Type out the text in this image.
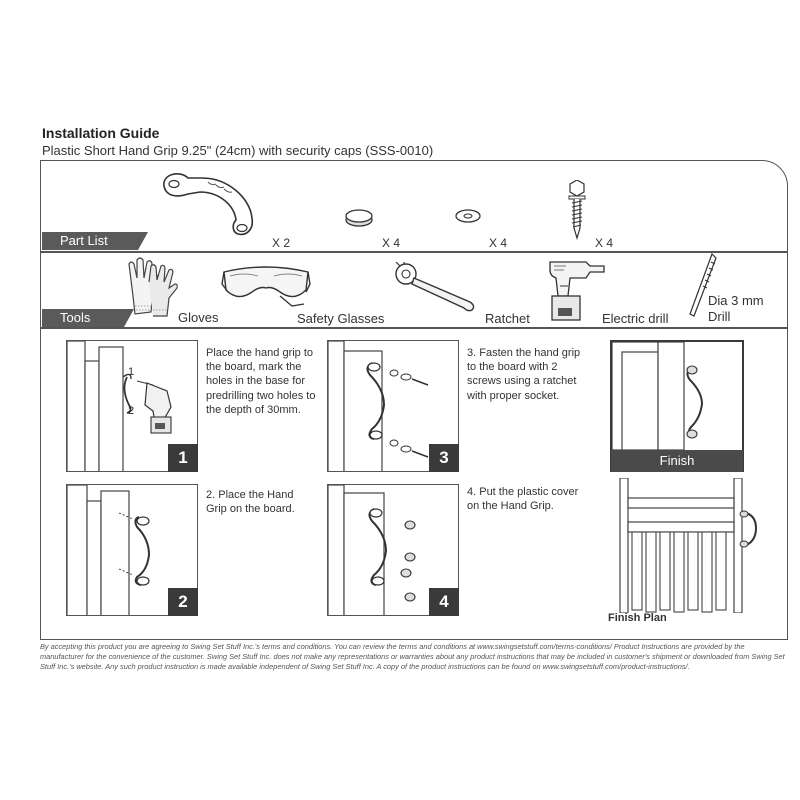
Installation Guide
Plastic Short Hand Grip 9.25" (24cm) with security caps (SSS-0010)
Part List
Tools
X 2	X 4	X 4	X 4
Gloves	Safety Glasses	Ratchet	Electric drill
Dia 3 mm
Drill
1
2
1
Place the hand grip to the board, mark the holes in the base for predrilling two holes to the depth of 30mm.
2
2. Place the Hand Grip on the board.
3
3. Fasten the hand grip to the board with 2 screws using a ratchet with proper socket.
4
4. Put the plastic cover on the Hand Grip.
Finish
Finish Plan
By accepting this product you are agreeing to Swing Set Stuff Inc.'s terms and conditions. You can review the terms and conditions at www.swingsetstuff.com/terms-conditions/ Product Instructions are provided by the manufacturer for the convenience of the customer. Swing Set Stuff Inc. does not make any representations or warranties about any product instructions that may be included in customer's shipment or downloaded from Swing Set Stuff Inc.'s website. Any such product instruction is made available independent of Swing Set Stuff Inc. A copy of the product instructions can be found on www.swingsetstuff.com/product-instructions/.
